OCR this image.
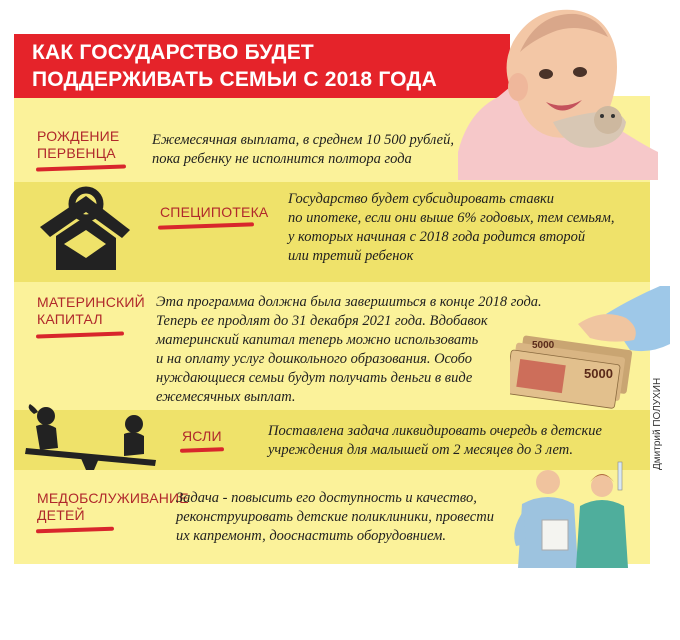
КАК ГОСУДАРСТВО БУДЕТ
ПОДДЕРЖИВАТЬ СЕМЬИ С 2018 ГОДА
РОЖДЕНИЕ
ПЕРВЕНЦА
Ежемесячная выплата, в среднем 10 500 рублей,
пока ребенку не исполнится полтора года
СПЕЦИПОТЕКА
Государство будет субсидировать ставки
по ипотеке, если они выше 6% годовых, тем семьям,
у которых начиная с 2018 года родится второй
или третий ребенок
МАТЕРИНСКИЙ
КАПИТАЛ
Эта программа должна была завершиться в конце 2018 года.
Теперь ее продлят до 31 декабря 2021 года. Вдобавок
материнский капитал теперь можно использовать
и на оплату услуг дошкольного образования. Особо
нуждающиеся семьи будут получать деньги в виде
ежемесячных выплат.
5000
5000
ЯСЛИ	Поставлена задача ликвидировать очередь в детские
учреждения для малышей от 2 месяцев до 3 лет.
МЕДОБСЛУЖИВАНИЕ
ДЕТЕЙ
Задача - повысить его доступность и качество,
реконструировать детские поликлиники, провести
их капремонт, дооснастить оборудовнием.
Дмитрий ПОЛУХИН
